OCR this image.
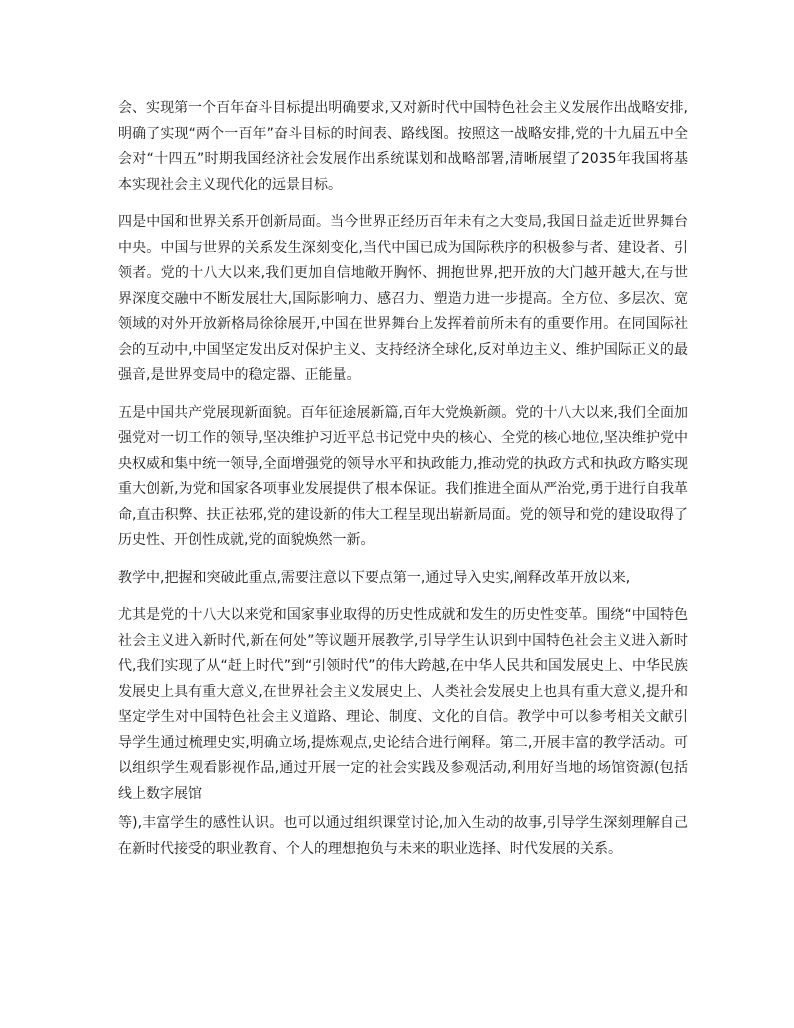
会、实现第一个百年奋斗目标提出明确要求,又对新时代中国特色社会主义发展作出战略安排,明确了实现“两个一百年”奋斗目标的时间表、路线图。按照这一战略安排,党的十九届五中全会对“十四五”时期我国经济社会发展作出系统谋划和战略部署,清晰展望了2035年我国将基本实现社会主义现代化的远景目标。

四是中国和世界关系开创新局面。当今世界正经历百年未有之大变局,我国日益走近世界舞台中央。中国与世界的关系发生深刻变化,当代中国已成为国际秩序的积极参与者、建设者、引领者。党的十八大以来,我们更加自信地敞开胸怀、拥抱世界,把开放的大门越开越大,在与世界深度交融中不断发展壮大,国际影响力、感召力、塑造力进一步提高。全方位、多层次、宽领域的对外开放新格局徐徐展开,中国在世界舞台上发挥着前所未有的重要作用。在同国际社会的互动中,中国坚定发出反对保护主义、支持经济全球化,反对单边主义、维护国际正义的最强音,是世界变局中的稳定器、正能量。

五是中国共产党展现新面貌。百年征途展新篇,百年大党焕新颜。党的十八大以来,我们全面加强党对一切工作的领导,坚决维护习近平总书记党中央的核心、全党的核心地位,坚决维护党中央权威和集中统一领导,全面增强党的领导水平和执政能力,推动党的执政方式和执政方略实现重大创新,为党和国家各项事业发展提供了根本保证。我们推进全面从严治党,勇于进行自我革命,直击积弊、扶正祛邪,党的建设新的伟大工程呈现出崭新局面。党的领导和党的建设取得了历史性、开创性成就,党的面貌焕然一新。

教学中,把握和突破此重点,需要注意以下要点第一,通过导入史实,阐释改革开放以来,

尤其是党的十八大以来党和国家事业取得的历史性成就和发生的历史性变革。围绕“中国特色社会主义进入新时代,新在何处”等议题开展教学,引导学生认识到中国特色社会主义进入新时代,我们实现了从“赶上时代”到“引领时代”的伟大跨越,在中华人民共和国发展史上、中华民族发展史上具有重大意义,在世界社会主义发展史上、人类社会发展史上也具有重大意义,提升和坚定学生对中国特色社会主义道路、理论、制度、文化的自信。教学中可以参考相关文献引导学生通过梳理史实,明确立场,提炼观点,史论结合进行阐释。第二,开展丰富的教学活动。可以组织学生观看影视作品,通过开展一定的社会实践及参观活动,利用好当地的场馆资源(包括线上数字展馆

等),丰富学生的感性认识。也可以通过组织课堂讨论,加入生动的故事,引导学生深刻理解自己在新时代接受的职业教育、个人的理想抱负与未来的职业选择、时代发展的关系。
